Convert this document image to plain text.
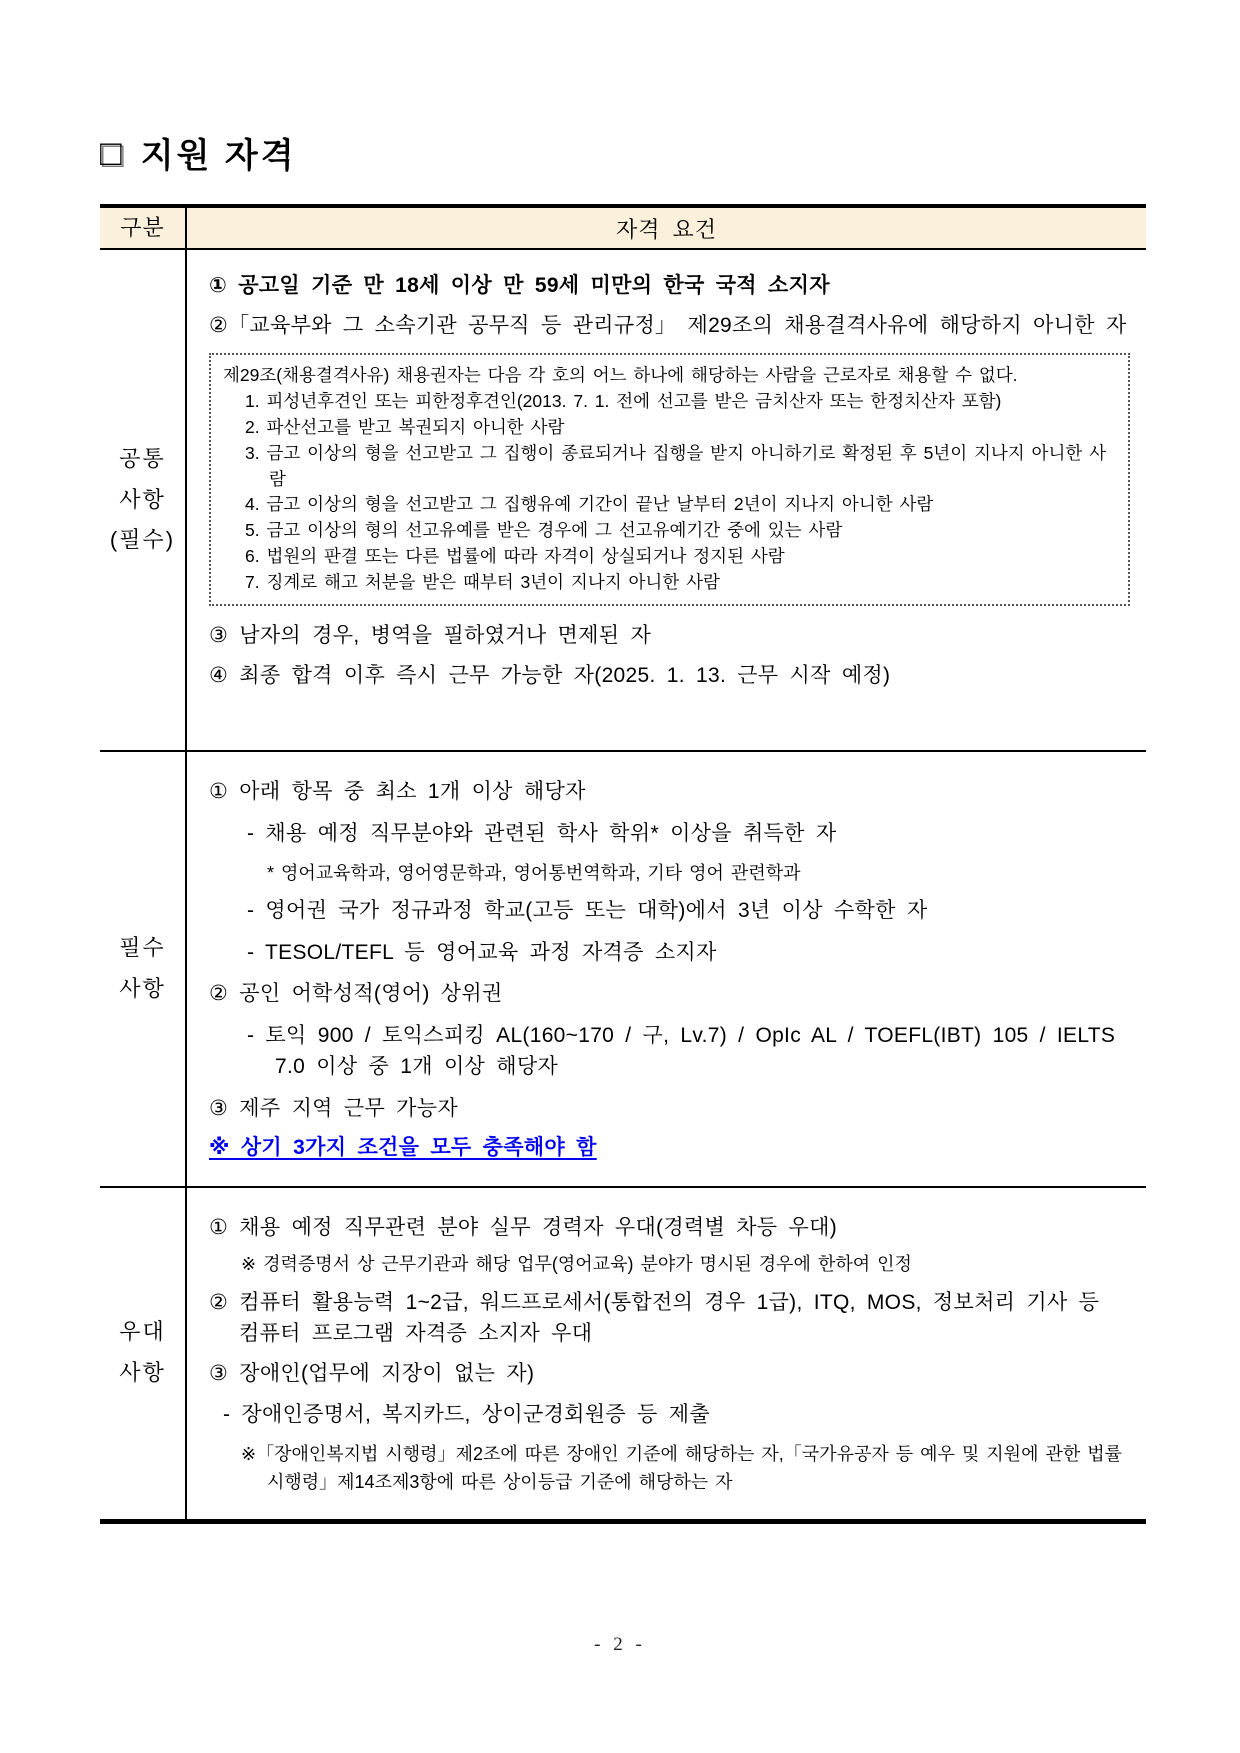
□ 지원 자격
구분	자격 요건
공통
사항
(필수)
① 공고일 기준 만 18세 이상 만 59세 미만의 한국 국적 소지자
②「교육부와 그 소속기관 공무직 등 관리규정」 제29조의 채용결격사유에 해당하지 아니한 자
제29조(채용결격사유) 채용권자는 다음 각 호의 어느 하나에 해당하는 사람을 근로자로 채용할 수 없다.
1. 피성년후견인 또는 피한정후견인(2013. 7. 1. 전에 선고를 받은 금치산자 또는 한정치산자 포함)
2. 파산선고를 받고 복권되지 아니한 사람
3. 금고 이상의 형을 선고받고 그 집행이 종료되거나 집행을 받지 아니하기로 확정된 후 5년이 지나지 아니한 사람
4. 금고 이상의 형을 선고받고 그 집행유예 기간이 끝난 날부터 2년이 지나지 아니한 사람
5. 금고 이상의 형의 선고유예를 받은 경우에 그 선고유예기간 중에 있는 사람
6. 법원의 판결 또는 다른 법률에 따라 자격이 상실되거나 정지된 사람
7. 징계로 해고 처분을 받은 때부터 3년이 지나지 아니한 사람
③ 남자의 경우, 병역을 필하였거나 면제된 자
④ 최종 합격 이후 즉시 근무 가능한 자(2025. 1. 13. 근무 시작 예정)
필수
사항
① 아래 항목 중 최소 1개 이상 해당자
- 채용 예정 직무분야와 관련된 학사 학위* 이상을 취득한 자
* 영어교육학과, 영어영문학과, 영어통번역학과, 기타 영어 관련학과
- 영어권 국가 정규과정 학교(고등 또는 대학)에서 3년 이상 수학한 자
- TESOL/TEFL 등 영어교육 과정 자격증 소지자
② 공인 어학성적(영어) 상위권
- 토익 900 / 토익스피킹 AL(160~170 / 구, Lv.7) / OpIc AL / TOEFL(IBT) 105 / IELTS 7.0 이상 중 1개 이상 해당자
③ 제주 지역 근무 가능자
※ 상기 3가지 조건을 모두 충족해야 함
우대
사항
① 채용 예정 직무관련 분야 실무 경력자 우대(경력별 차등 우대)
※ 경력증명서 상 근무기관과 해당 업무(영어교육) 분야가 명시된 경우에 한하여 인정
② 컴퓨터 활용능력 1~2급, 워드프로세서(통합전의 경우 1급), ITQ, MOS, 정보처리 기사 등 컴퓨터 프로그램 자격증 소지자 우대
③ 장애인(업무에 지장이 없는 자)
- 장애인증명서, 복지카드, 상이군경회원증 등 제출
※「장애인복지법 시행령」제2조에 따른 장애인 기준에 해당하는 자,「국가유공자 등 예우 및 지원에 관한 법률 시행령」제14조제3항에 따른 상이등급 기준에 해당하는 자
- 2 -
